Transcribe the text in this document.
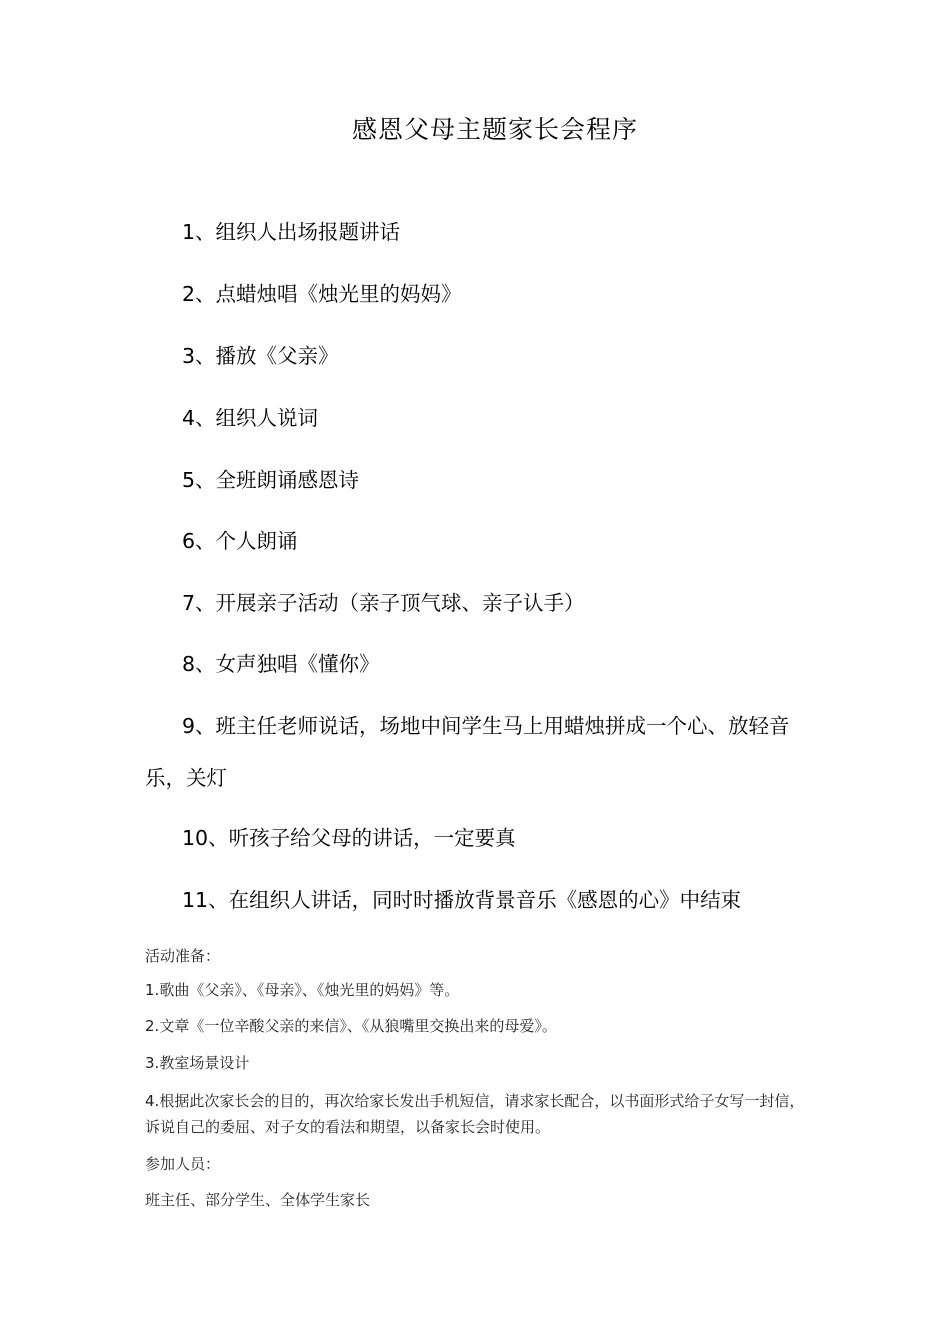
感恩父母主题家长会程序
1、组织人出场报题讲话
2、点蜡烛唱《烛光里的妈妈》
3、播放《父亲》
4、组织人说词
5、全班朗诵感恩诗
6、个人朗诵
7、开展亲子活动（亲子顶气球、亲子认手）
8、女声独唱《懂你》
9、班主任老师说话，场地中间学生马上用蜡烛拼成一个心、放轻音乐，关灯
10、听孩子给父母的讲话，一定要真
11、在组织人讲话，同时时播放背景音乐《感恩的心》中结束
活动准备：
1.歌曲《父亲》、《母亲》、《烛光里的妈妈》等。
2.文章《一位辛酸父亲的来信》、《从狼嘴里交换出来的母爱》。
3.教室场景设计
4.根据此次家长会的目的，再次给家长发出手机短信，请求家长配合，以书面形式给子女写一封信，诉说自己的委屈、对子女的看法和期望，以备家长会时使用。
参加人员：
班主任、部分学生、全体学生家长
